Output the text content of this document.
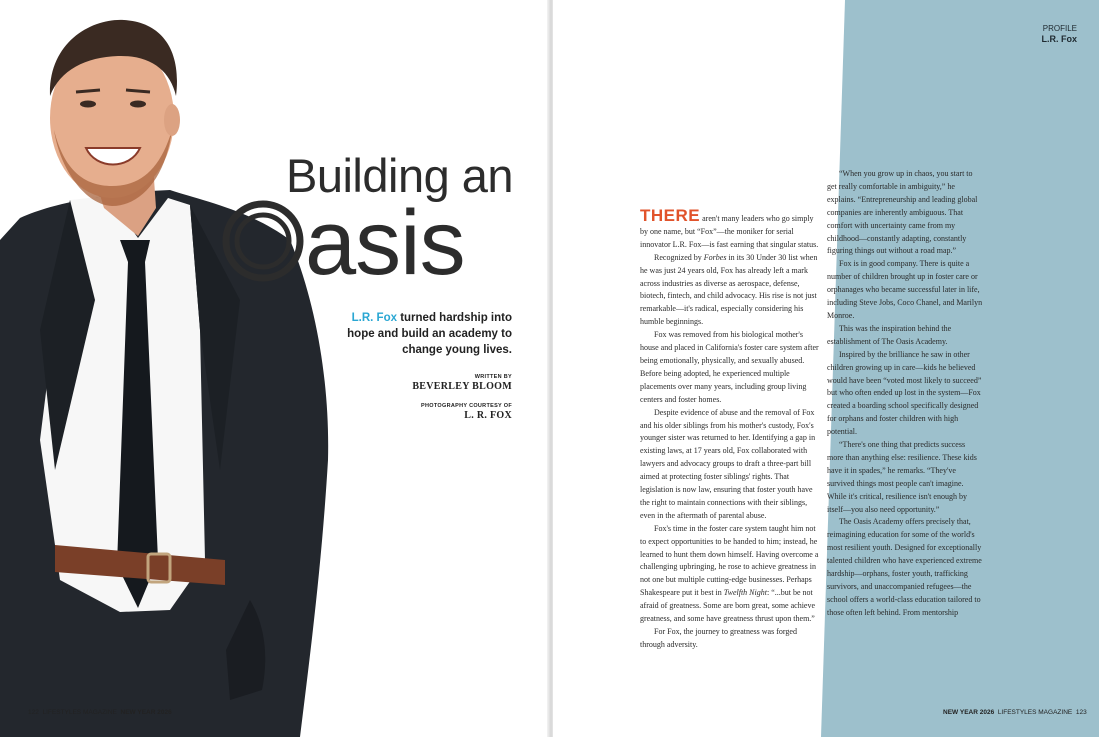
Building an
asis
L.R. Fox turned hardship into hope and build an academy to change young lives.
WRITTEN BY
BEVERLEY BLOOM
PHOTOGRAPHY COURTESY OF
L. R. FOX
122 LIFESTYLES MAGAZINE NEW YEAR 2026
PROFILE
L.R. Fox

THERE aren't many leaders who go simply by one name, but “Fox”—the moniker for serial innovator L.R. Fox—is fast earning that singular status.

Recognized by Forbes in its 30 Under 30 list when he was just 24 years old, Fox has already left a mark across industries as diverse as aerospace, defense, biotech, fintech, and child advocacy. His rise is not just remarkable—it's radical, especially considering his humble beginnings.

Fox was removed from his biological mother's house and placed in California's foster care system after being emotionally, physically, and sexually abused. Before being adopted, he experienced multiple placements over many years, including group living centers and foster homes.

Despite evidence of abuse and the removal of Fox and his older siblings from his mother's custody, Fox's younger sister was returned to her. Identifying a gap in existing laws, at 17 years old, Fox collaborated with lawyers and advocacy groups to draft a three-part bill aimed at protecting foster siblings' rights. That legislation is now law, ensuring that foster youth have the right to maintain connections with their siblings, even in the aftermath of parental abuse.

Fox's time in the foster care system taught him not to expect opportunities to be handed to him; instead, he learned to hunt them down himself. Having overcome a challenging upbringing, he rose to achieve greatness in not one but multiple cutting-edge businesses. Perhaps Shakespeare put it best in Twelfth Night: “...but be not afraid of greatness. Some are born great, some achieve greatness, and some have greatness thrust upon them.”

For Fox, the journey to greatness was forged through adversity.

“When you grow up in chaos, you start to get really comfortable in ambiguity,” he explains. “Entrepreneurship and leading global companies are inherently ambiguous. That comfort with uncertainty came from my childhood—constantly adapting, constantly figuring things out without a road map.”

Fox is in good company. There is quite a number of children brought up in foster care or orphanages who became successful later in life, including Steve Jobs, Coco Chanel, and Marilyn Monroe.

This was the inspiration behind the establishment of The Oasis Academy.

Inspired by the brilliance he saw in other children growing up in care—kids he believed would have been “voted most likely to succeed” but who often ended up lost in the system—Fox created a boarding school specifically designed for orphans and foster children with high potential.

“There's one thing that predicts success more than anything else: resilience. These kids have it in spades,” he remarks. “They've survived things most people can't imagine. While it's critical, resilience isn't enough by itself—you also need opportunity.”

The Oasis Academy offers precisely that, reimagining education for some of the world's most resilient youth. Designed for exceptionally talented children who have experienced extreme hardship—orphans, foster youth, trafficking survivors, and unaccompanied refugees—the school offers a world-class education tailored to those often left behind. From mentorship

NEW YEAR 2026 LIFESTYLES MAGAZINE 123
